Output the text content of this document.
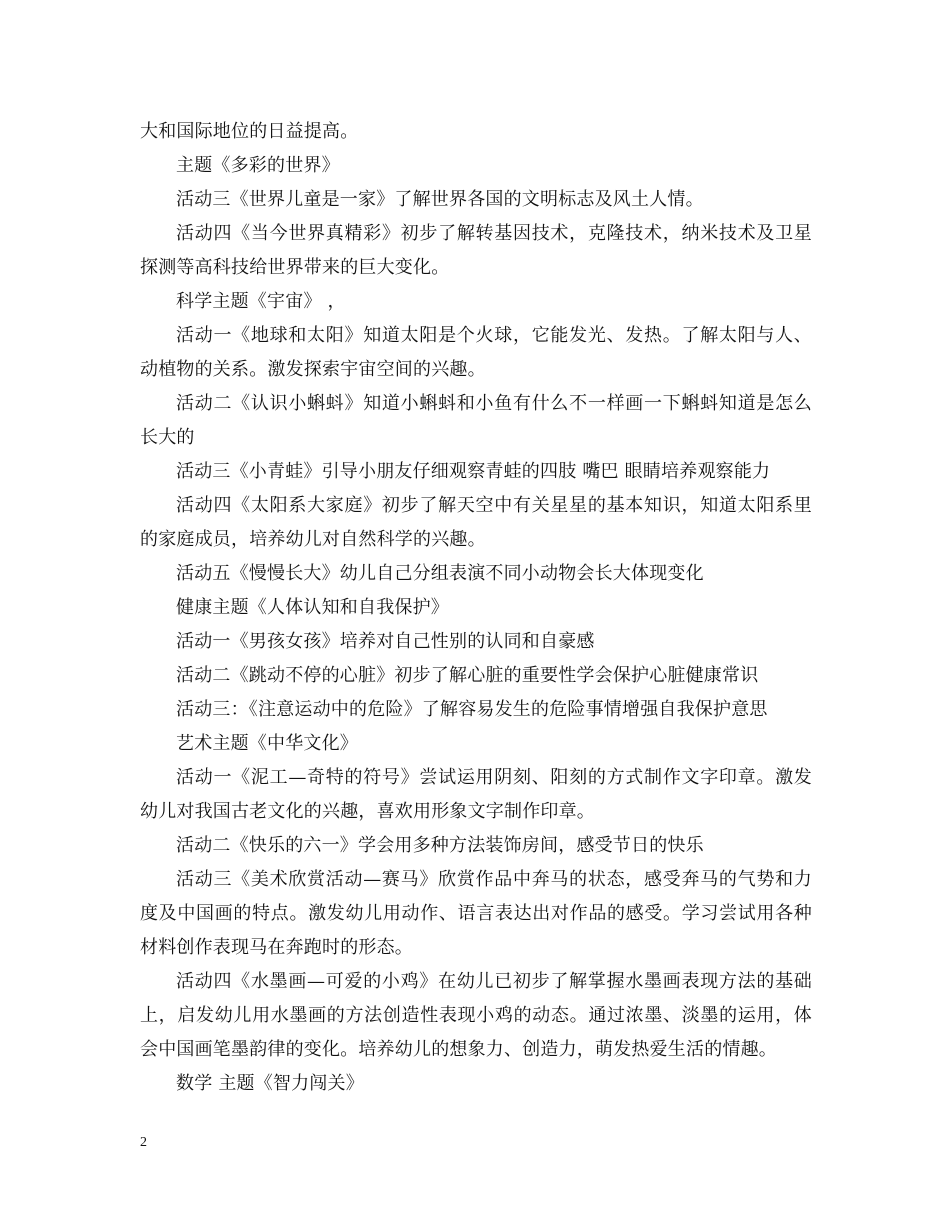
大和国际地位的日益提高。

主题《多彩的世界》

活动三《世界儿童是一家》了解世界各国的文明标志及风土人情。

活动四《当今世界真精彩》初步了解转基因技术，克隆技术，纳米技术及卫星探测等高科技给世界带来的巨大变化。

科学主题《宇宙》 ，

活动一《地球和太阳》知道太阳是个火球，它能发光、发热。了解太阳与人、动植物的关系。激发探索宇宙空间的兴趣。

活动二《认识小蝌蚪》知道小蝌蚪和小鱼有什么不一样画一下蝌蚪知道是怎么长大的

活动三《小青蛙》引导小朋友仔细观察青蛙的四肢 嘴巴 眼睛培养观察能力

活动四《太阳系大家庭》初步了解天空中有关星星的基本知识，知道太阳系里的家庭成员，培养幼儿对自然科学的兴趣。

活动五《慢慢长大》幼儿自己分组表演不同小动物会长大体现变化

健康主题《人体认知和自我保护》

活动一《男孩女孩》培养对自己性别的认同和自豪感

活动二《跳动不停的心脏》初步了解心脏的重要性学会保护心脏健康常识

活动三：《注意运动中的危险》了解容易发生的危险事情增强自我保护意思

艺术主题《中华文化》

活动一《泥工—奇特的符号》尝试运用阴刻、阳刻的方式制作文字印章。激发幼儿对我国古老文化的兴趣，喜欢用形象文字制作印章。

活动二《快乐的六一》学会用多种方法装饰房间，感受节日的快乐

活动三《美术欣赏活动—赛马》欣赏作品中奔马的状态，感受奔马的气势和力度及中国画的特点。激发幼儿用动作、语言表达出对作品的感受。学习尝试用各种材料创作表现马在奔跑时的形态。

活动四《水墨画—可爱的小鸡》在幼儿已初步了解掌握水墨画表现方法的基础上，启发幼儿用水墨画的方法创造性表现小鸡的动态。通过浓墨、淡墨的运用，体会中国画笔墨韵律的变化。培养幼儿的想象力、创造力，萌发热爱生活的情趣。

数学 主题《智力闯关》

2
